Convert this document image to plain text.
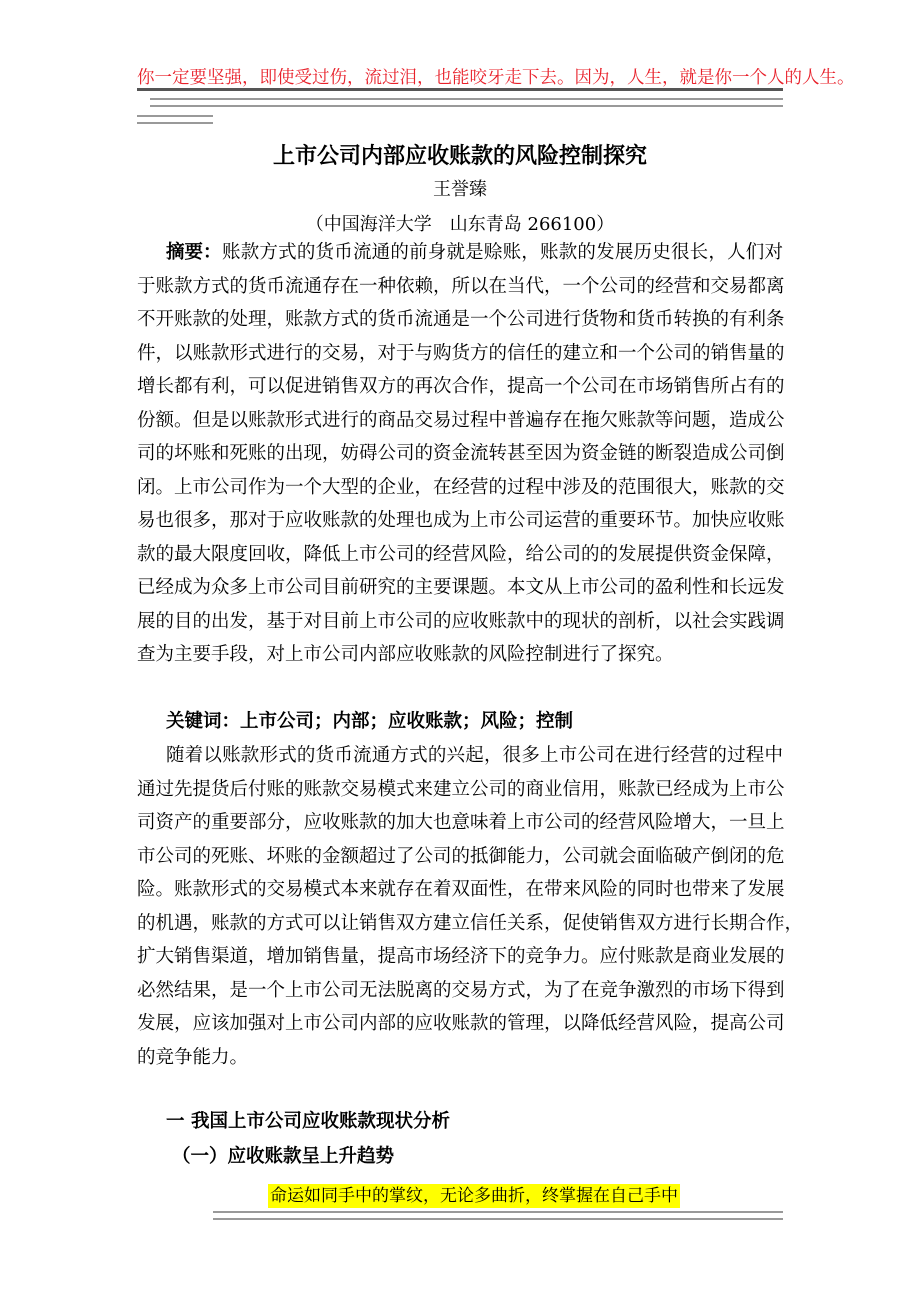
你一定要坚强，即使受过伤，流过泪，也能咬牙走下去。因为，人生，就是你一个人的人生。
上市公司内部应收账款的风险控制探究
王誉臻
（中国海洋大学　山东青岛 266100）
摘要： 账款方式的货币流通的前身就是赊账，账款的发展历史很长，人们对
于账款方式的货币流通存在一种依赖，所以在当代，一个公司的经营和交易都离
不开账款的处理，账款方式的货币流通是一个公司进行货物和货币转换的有利条
件，以账款形式进行的交易，对于与购货方的信任的建立和一个公司的销售量的
增长都有利，可以促进销售双方的再次合作，提高一个公司在市场销售所占有的
份额。但是以账款形式进行的商品交易过程中普遍存在拖欠账款等问题，造成公
司的坏账和死账的出现，妨碍公司的资金流转甚至因为资金链的断裂造成公司倒
闭。上市公司作为一个大型的企业，在经营的过程中涉及的范围很大，账款的交
易也很多，那对于应收账款的处理也成为上市公司运营的重要环节。加快应收账
款的最大限度回收，降低上市公司的经营风险，给公司的的发展提供资金保障，
已经成为众多上市公司目前研究的主要课题。本文从上市公司的盈利性和长远发
展的目的出发，基于对目前上市公司的应收账款中的现状的剖析，以社会实践调
查为主要手段，对上市公司内部应收账款的风险控制进行了探究。
关键词：上市公司；内部；应收账款；风险；控制
随着以账款形式的货币流通方式的兴起，很多上市公司在进行经营的过程中
通过先提货后付账的账款交易模式来建立公司的商业信用，账款已经成为上市公
司资产的重要部分，应收账款的加大也意味着上市公司的经营风险增大，一旦上
市公司的死账、坏账的金额超过了公司的抵御能力，公司就会面临破产倒闭的危
险。账款形式的交易模式本来就存在着双面性，在带来风险的同时也带来了发展
的机遇，账款的方式可以让销售双方建立信任关系，促使销售双方进行长期合作，
扩大销售渠道，增加销售量，提高市场经济下的竞争力。应付账款是商业发展的
必然结果，是一个上市公司无法脱离的交易方式，为了在竞争激烈的市场下得到
发展，应该加强对上市公司内部的应收账款的管理，以降低经营风险，提高公司
的竞争能力。
一 我国上市公司应收账款现状分析
（一）应收账款呈上升趋势
命运如同手中的掌纹，无论多曲折，终掌握在自己手中
